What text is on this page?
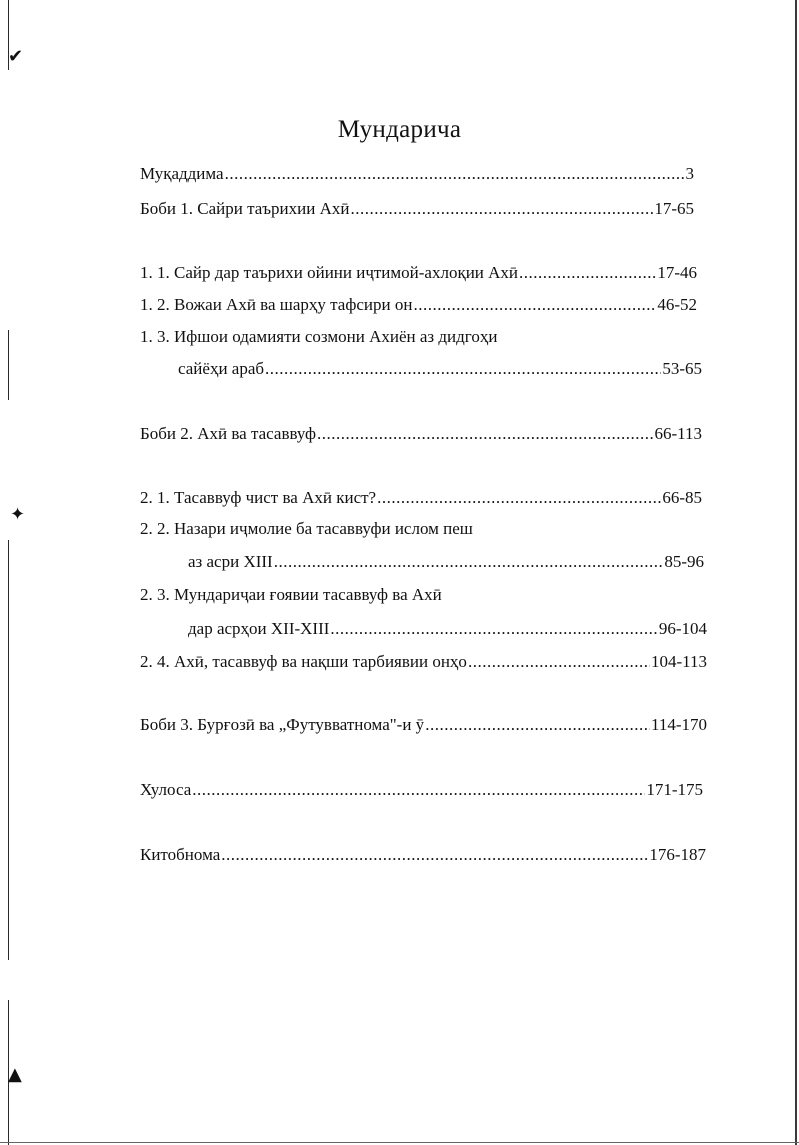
✔
✦
▲
Мундарича
Муқаддима .....	3
Боби 1. Сайри таърихии Ахӣ .....	17-65
1. 1. Сайр дар таърихи ойини иҷтимой-ахлоқии Ахӣ .....	17-46
1. 2. Вожаи Ахӣ ва шарҳу тафсири он .....	46-52
1. 3. Ифшои одамияти созмони Ахиён аз дидгоҳи
сайёҳи араб .....	53-65
Боби 2. Ахӣ ва тасаввуф .....	66-113
2. 1. Тасаввуф чист ва Ахӣ кист? .....	66-85
2. 2. Назари иҷмолие ба тасаввуфи ислом пеш
аз асри XIII .....	85-96
2. 3. Мундариҷаи ғоявии тасаввуф ва Ахӣ
дар асрҳои XII-XIII .....	96-104
2. 4. Ахӣ, тасаввуф ва нақши тарбиявии онҳо .....	104-113
Боби 3. Бурғозӣ ва „Футувватнома"-и ӯ .....	114-170
Хулоса .....	171-175
Китобнома .....	176-187
